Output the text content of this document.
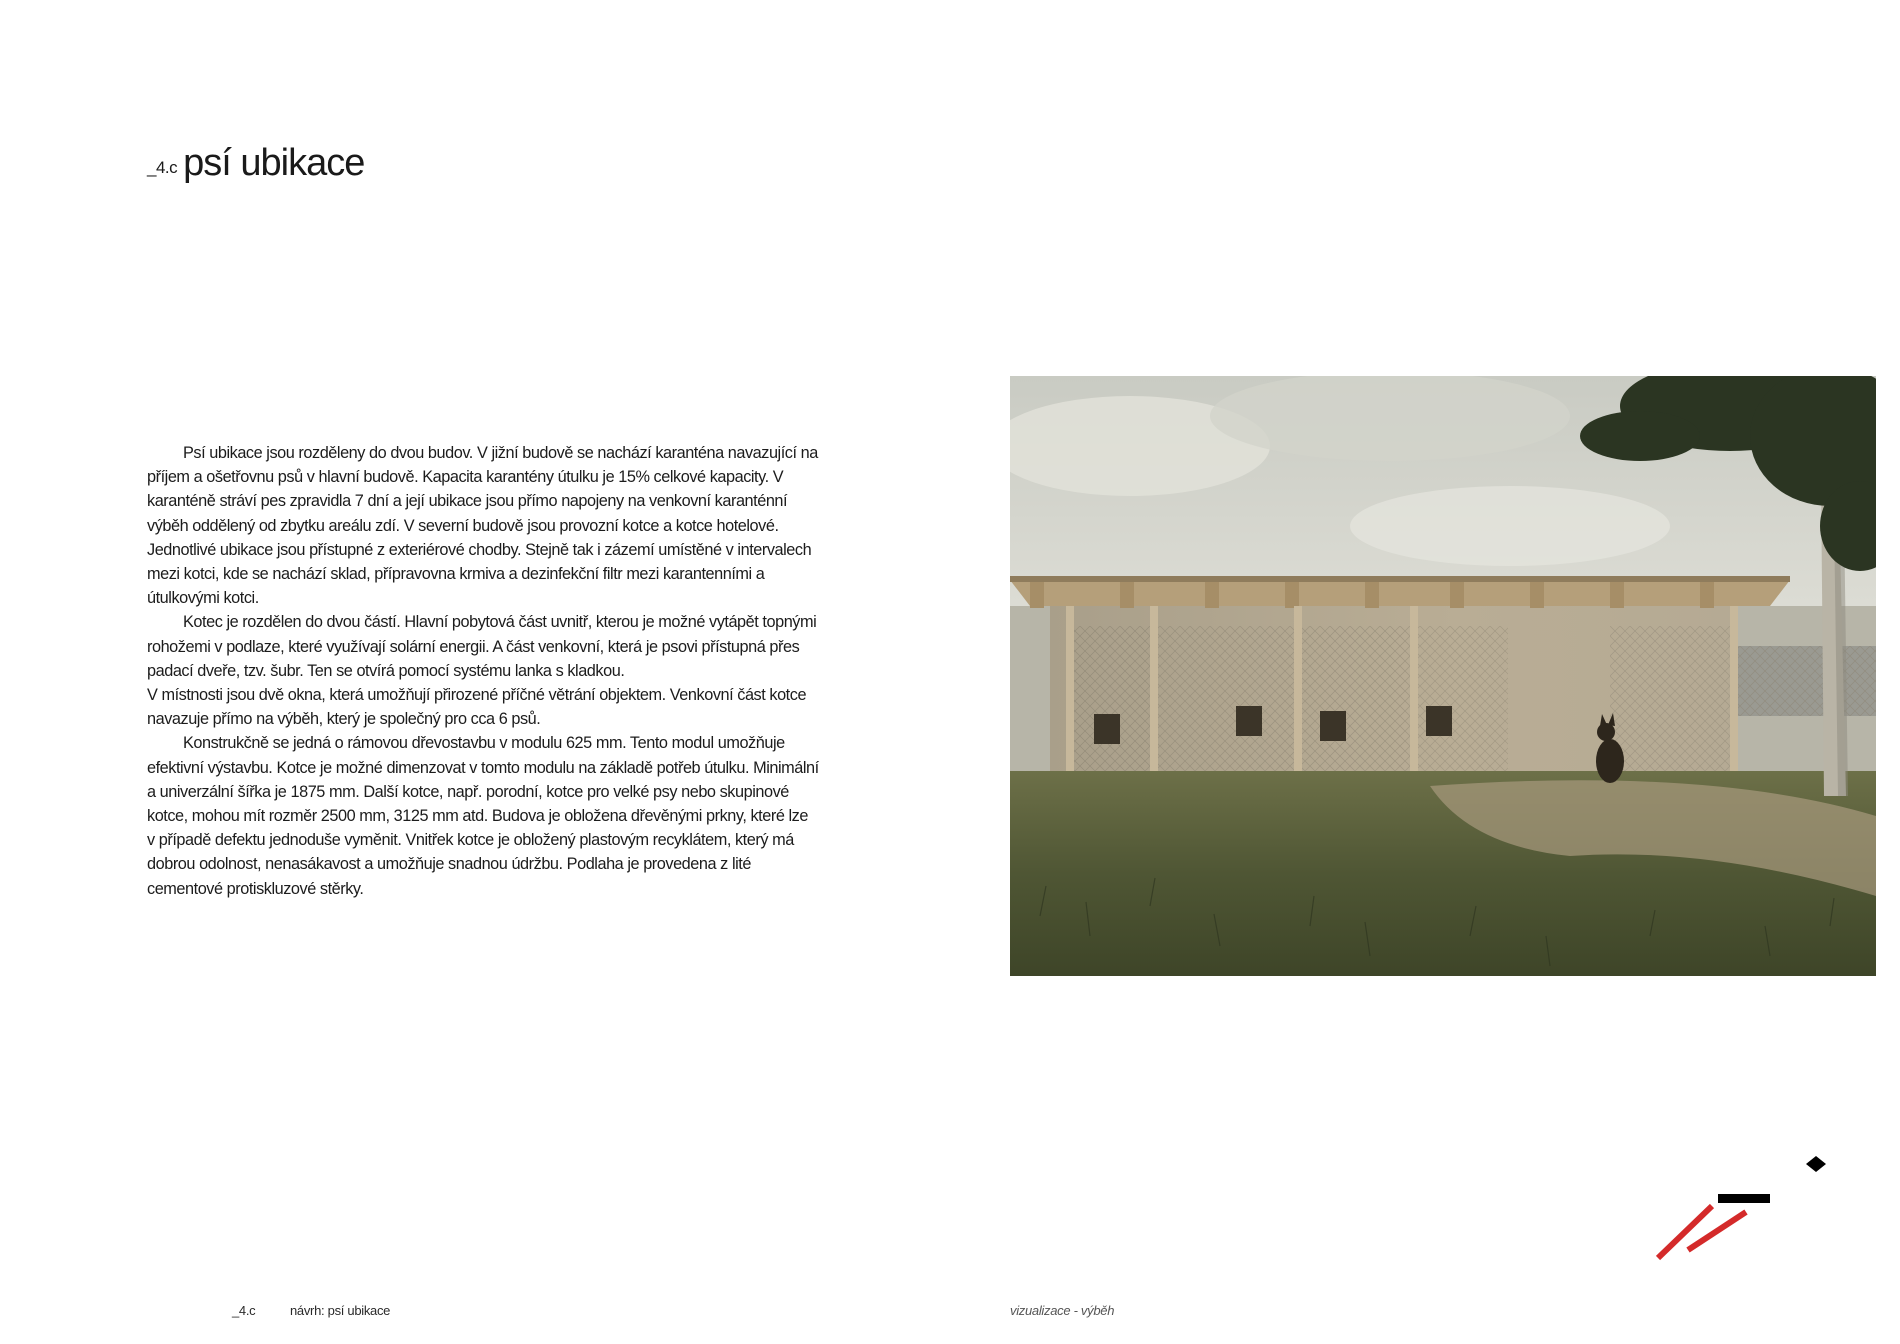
_4.c psí ubikace

Psí ubikace jsou rozděleny do dvou budov. V jižní budově se nachází karanténa navazující na příjem a ošetřovnu psů v hlavní budově. Kapacita karantény útulku je 15% celkové kapacity. V karanténě stráví pes zpravidla 7 dní a její ubikace jsou přímo napojeny na venkovní karanténní výběh oddělený od zbytku areálu zdí. V severní budově jsou provozní kotce a kotce hotelové. Jednotlivé ubikace jsou přístupné z exteriérové chodby. Stejně tak i zázemí umístěné v intervalech mezi kotci, kde se nachází sklad, přípravovna krmiva a dezinfekční filtr mezi karantenními a útulkovými kotci.

Kotec je rozdělen do dvou částí. Hlavní pobytová část uvnitř, kterou je možné vytápět topnými rohožemi v podlaze, které využívají solární energii. A část venkovní, která je psovi přístupná přes padací dveře, tzv. šubr. Ten se otvírá pomocí systému lanka s kladkou.

V místnosti jsou dvě okna, která umožňují přirozené příčné větrání objektem. Venkovní část kotce navazuje přímo na výběh, který je společný pro cca 6 psů.

Konstrukčně se jedná o rámovou dřevostavbu v modulu 625 mm. Tento modul umožňuje efektivní výstavbu. Kotce je možné dimenzovat v tomto modulu na základě potřeb útulku. Minimální a univerzální šířka je 1875 mm. Další kotce, např. porodní, kotce pro velké psy nebo skupinové kotce, mohou mít rozměr 2500 mm, 3125 mm atd. Budova je obložena dřevěnými prkny, které lze v případě defektu jednoduše vyměnit. Vnitřek kotce je obložený plastovým recyklátem, který má dobrou odolnost, nenasákavost a umožňuje snadnou údržbu. Podlaha je provedena z lité cementové protiskluzové stěrky.

_4.c	návrh: psí ubikace	vizualizace - výběh
